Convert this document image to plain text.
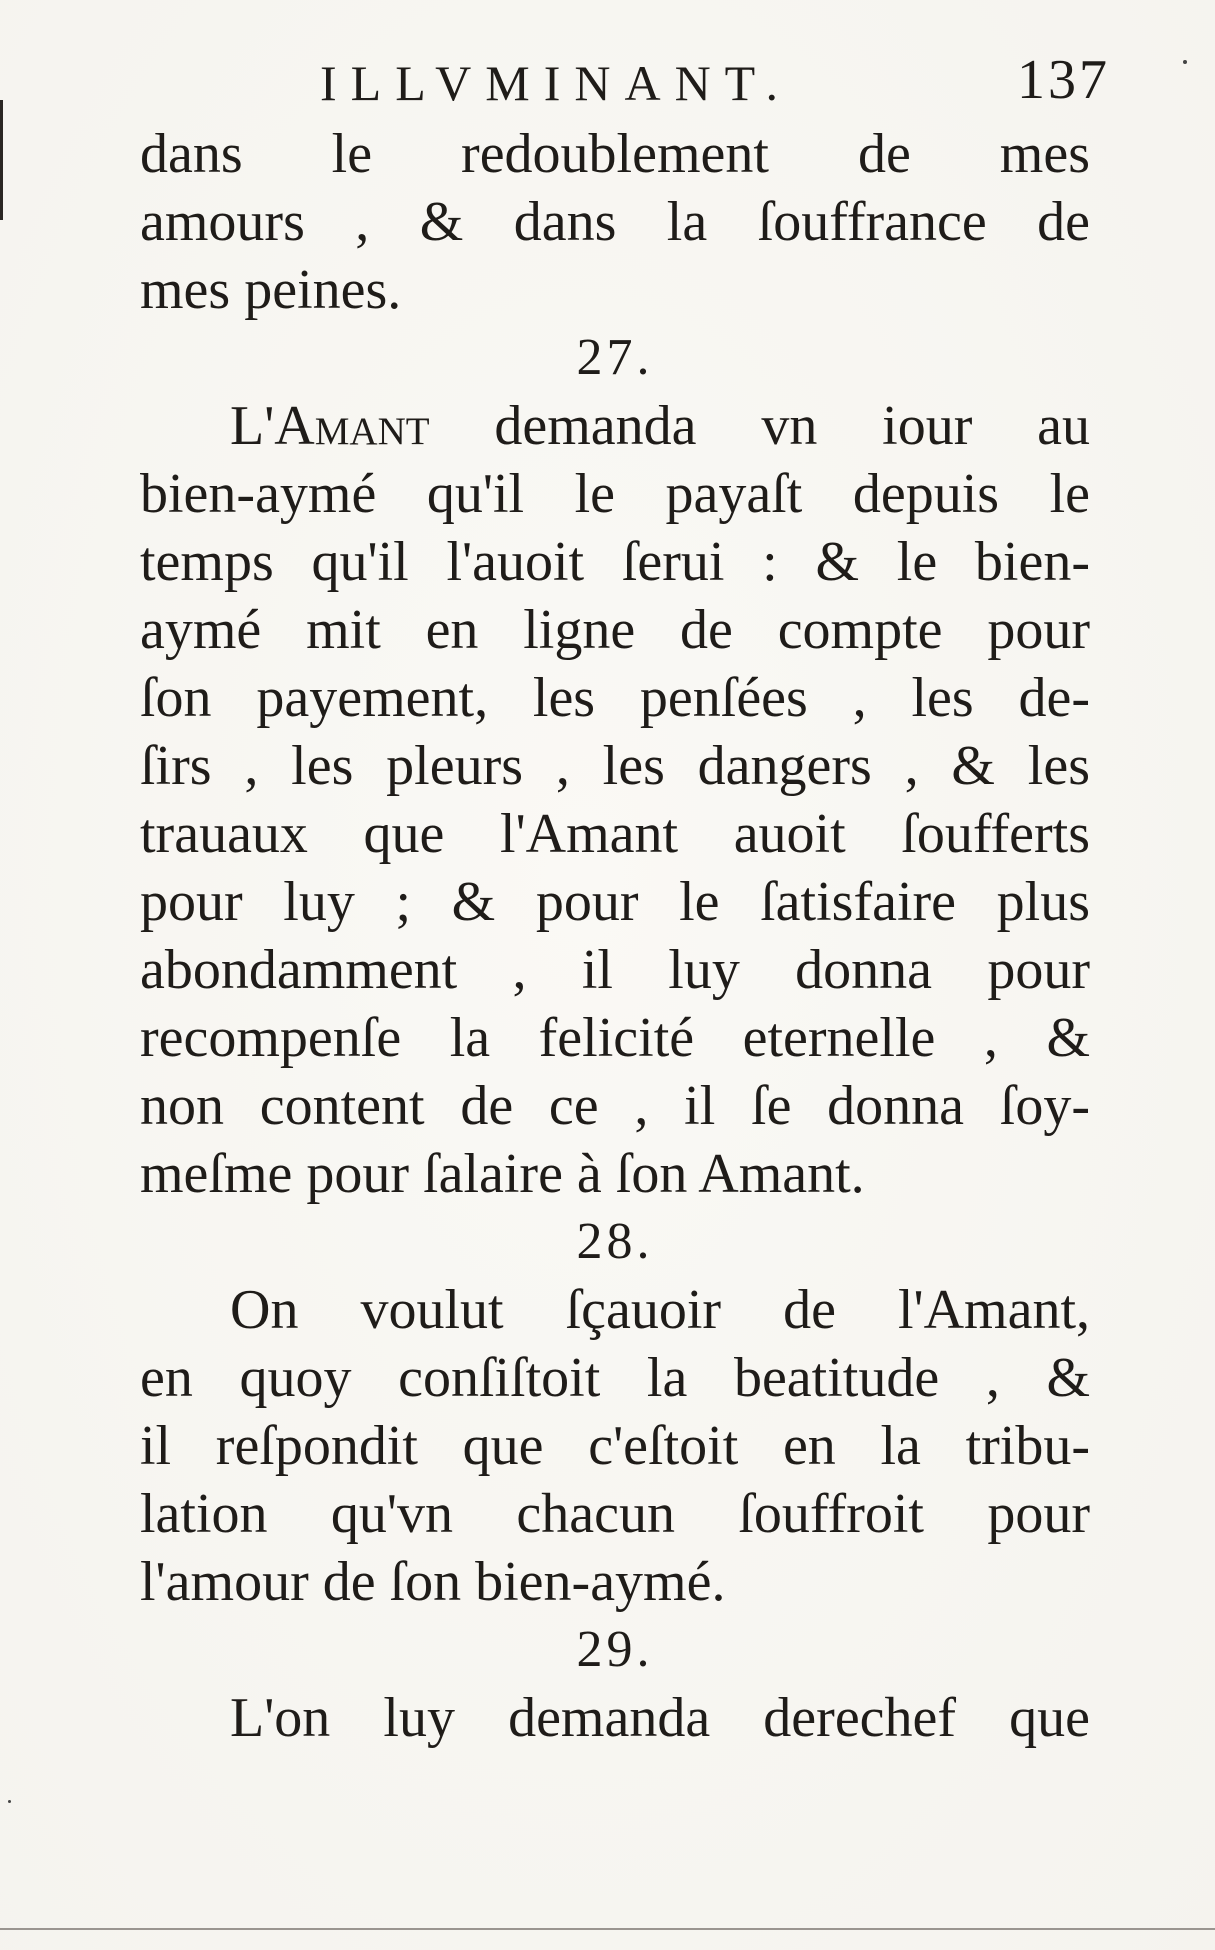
ILLVMINANT.	137
dans le redoublement de mes
amours , & dans la ſouffrance de
mes peines.
27.
L'Amant demanda vn iour au
bien-aymé qu'il le payaſt depuis le
temps qu'il l'auoit ſerui : & le bien-
aymé mit en ligne de compte pour
ſon payement, les penſées , les de-
ſirs , les pleurs , les dangers , & les
trauaux que l'Amant auoit ſoufferts
pour luy ; & pour le ſatisfaire plus
abondamment , il luy donna pour
recompenſe la felicité eternelle , &
non content de ce , il ſe donna ſoy-
meſme pour ſalaire à ſon Amant.
28.
On voulut ſçauoir de l'Amant,
en quoy conſiſtoit la beatitude , &
il reſpondit que c'eſtoit en la tribu-
lation qu'vn chacun ſouffroit pour
l'amour de ſon bien-aymé.
29.
L'on luy demanda derechef que
